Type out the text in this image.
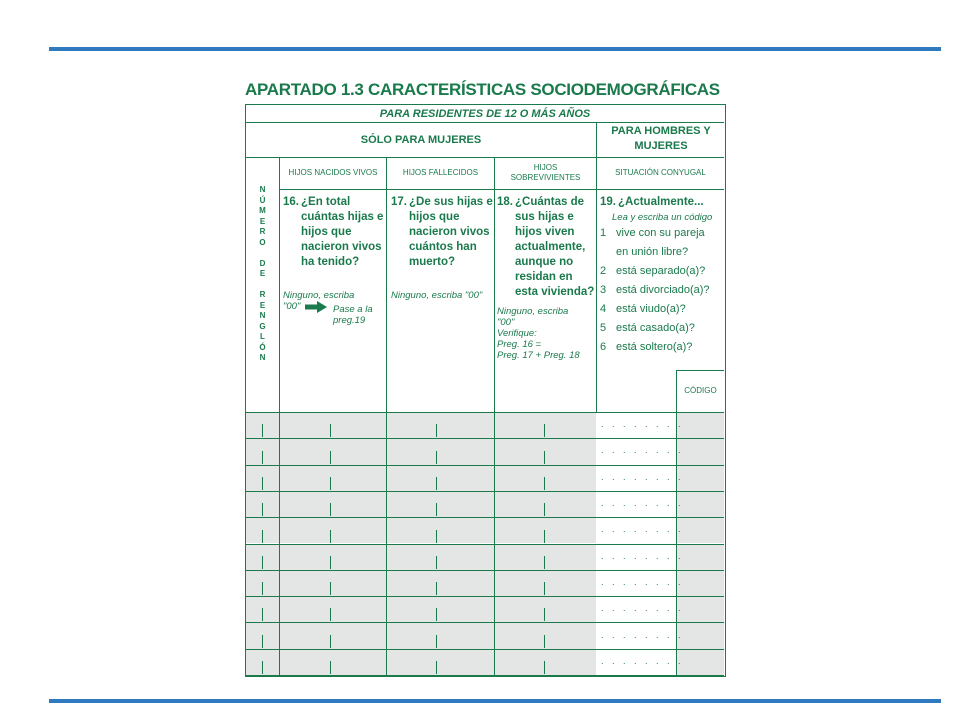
APARTADO 1.3 CARACTERÍSTICAS SOCIODEMOGRÁFICAS
PARA RESIDENTES DE 12 O MÁS AÑOS
SÓLO PARA MUJERES
PARA HOMBRES Y
MUJERES
HIJOS NACIDOS VIVOS	HIJOS FALLECIDOS
HIJOS
SOBREVIVIENTES
SITUACIÓN CONYUGAL
N
Ú
M
E
R
O

D
E

R
E
N
G
L
Ó
N
16. ¿En total
cuántas hijas e
hijos que
nacieron vivos
ha tenido?
Ninguno, escriba
"00"	Pase a la
preg.19
17. ¿De sus hijas e
hijos que
nacieron vivos
cuántos han
muerto?
Ninguno, escriba "00"
18. ¿Cuántas de
sus hijas e
hijos viven
actualmente,
aunque no
residan en
esta vivienda?
Ninguno, escriba
"00"
Verifique:
Preg. 16 =
Preg. 17 + Preg. 18
19. ¿Actualmente...
Lea y escriba un código
1 vive con su pareja
en unión libre?
2 está separado(a)?
3 está divorciado(a)?
4 está viudo(a)?
5 está casado(a)?
6 está soltero(a)?
CÓDIGO
. . . . . . . .
. . . . . . . .
. . . . . . . .
. . . . . . . .
. . . . . . . .
. . . . . . . .
. . . . . . . .
. . . . . . . .
. . . . . . . .
. . . . . . . .
